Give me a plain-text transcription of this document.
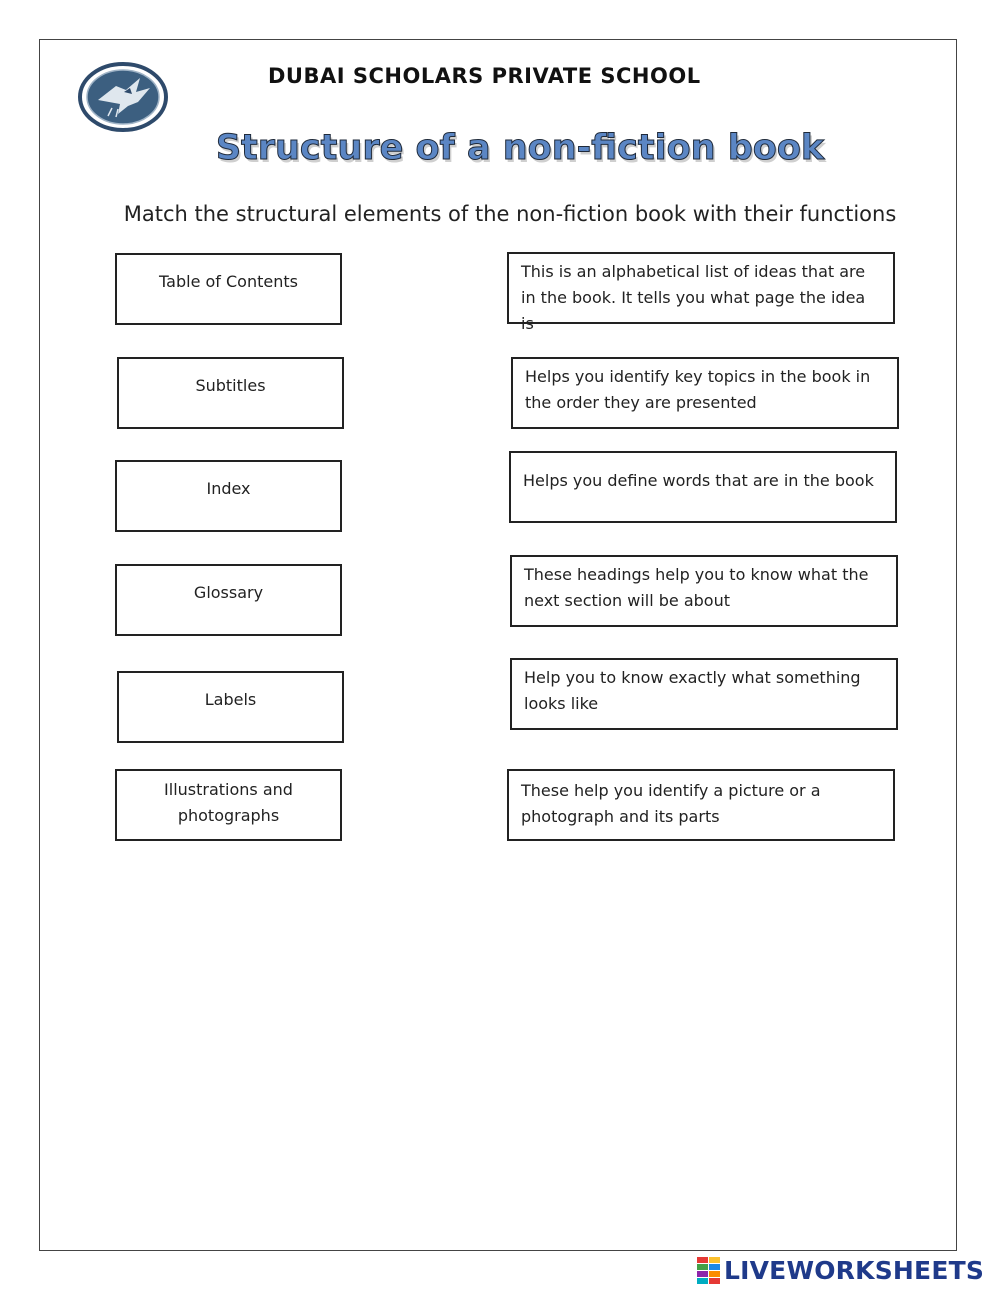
DUBAI SCHOLARS PRIVATE SCHOOL
Structure of a non-fiction book
Match the structural elements of the non-fiction book with their functions
Table of Contents
Subtitles
Index
Glossary
Labels
Illustrations and photographs
This is an alphabetical list of ideas that are in the book. It tells you what page the idea is
Helps you identify key topics in the book in the order they are presented
Helps you define words that are in the book
These headings help you to know what the next section will be about
Help you to know exactly what something looks like
These help you identify a picture or a photograph and its parts
LIVEWORKSHEETS
